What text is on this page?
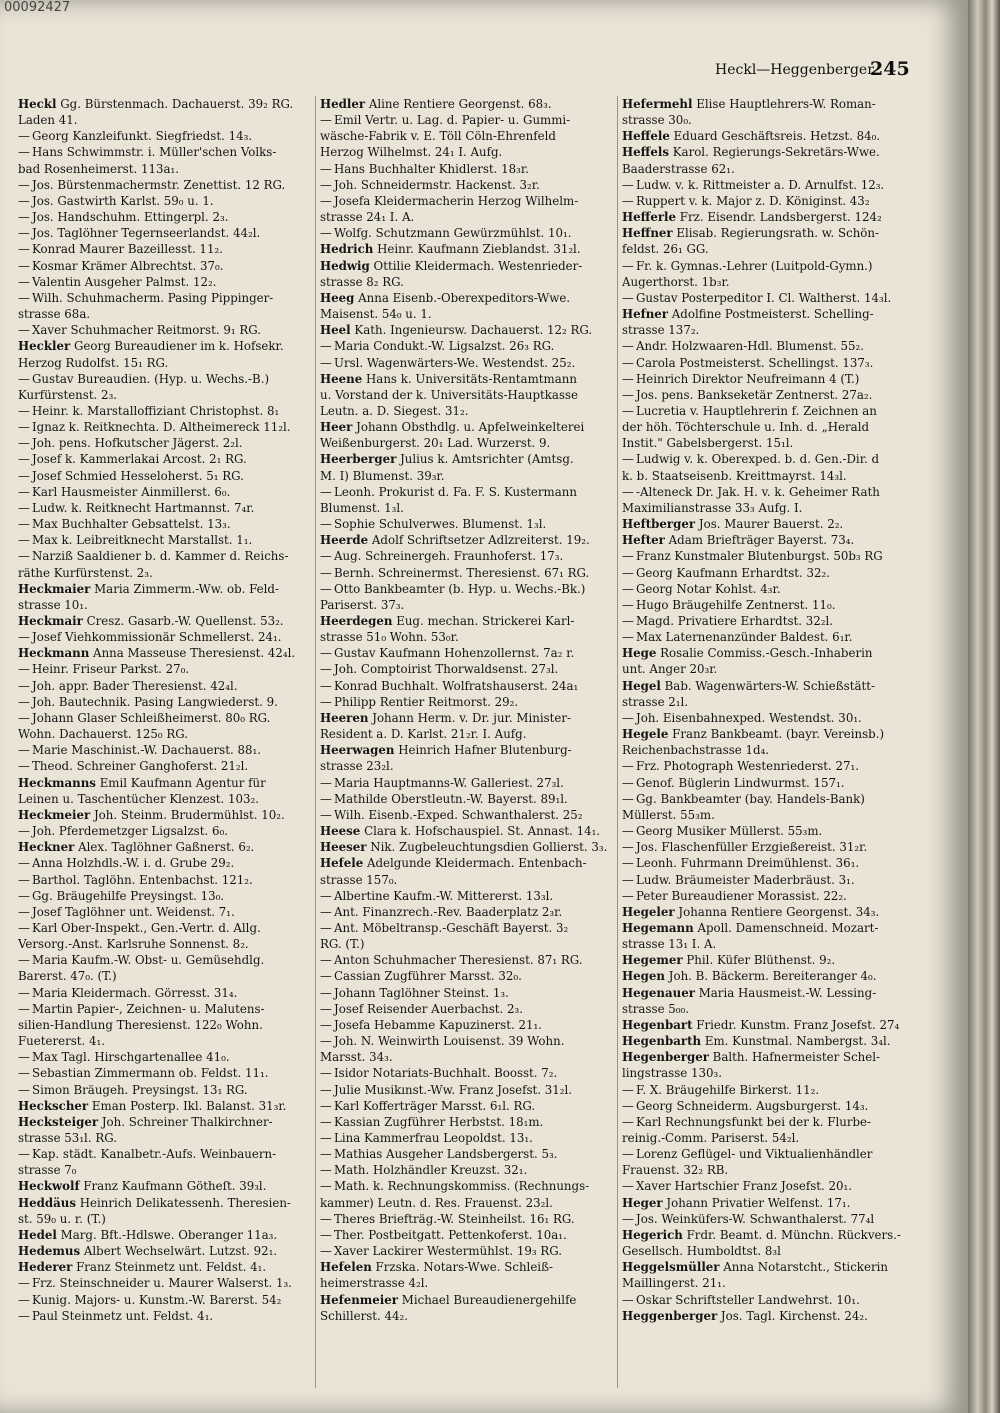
00092427
Heckl—Heggenberger.
245
Heckl Gg. Bürstenmach. Dachauerst. 39₂ RG.
Laden 41.
— Georg Kanzleifunkt. Siegfriedst. 14₃.
— Hans Schwimmstr. i. Müller'schen Volks-
bad Rosenheimerst. 113a₁.
— Jos. Bürstenmachermstr. Zenettist. 12 RG.
— Jos. Gastwirth Karlst. 59₀ u. 1.
— Jos. Handschuhm. Ettingerpl. 2₃.
— Jos. Taglöhner Tegernseerlandst. 44₂l.
— Konrad Maurer Bazeillesst. 11₂.
— Kosmar Krämer Albrechtst. 37₀.
— Valentin Ausgeher Palmst. 12₂.
— Wilh. Schuhmacherm. Pasing Pippinger-
strasse 68a.
— Xaver Schuhmacher Reitmorst. 9₁ RG.
Heckler Georg Bureaudiener im k. Hofsekr.
Herzog Rudolfst. 15₁ RG.
— Gustav Bureaudien. (Hyp. u. Wechs.-B.)
Kurfürstenst. 2₃.
— Heinr. k. Marstalloffiziant Christophst. 8₁
— Ignaz k. Reitknechta. D. Altheimereck 11₂l.
— Joh. pens. Hofkutscher Jägerst. 2₂l.
— Josef k. Kammerlakai Arcost. 2₁ RG.
— Josef Schmied Hesseloherst. 5₁ RG.
— Karl Hausmeister Ainmillerst. 6₀.
— Ludw. k. Reitknecht Hartmannst. 7₄r.
— Max Buchhalter Gebsattelst. 13₃.
— Max k. Leibreitknecht Marstallst. 1₁.
— Narziß Saaldiener b. d. Kammer d. Reichs-
räthe Kurfürstenst. 2₃.
Heckmaier Maria Zimmerm.-Ww. ob. Feld-
strasse 10₁.
Heckmair Cresz. Gasarb.-W. Quellenst. 53₂.
— Josef Viehkommissionär Schmellerst. 24₁.
Heckmann Anna Masseuse Theresienst. 42₄l.
— Heinr. Friseur Parkst. 27₀.
— Joh. appr. Bader Theresienst. 42₄l.
— Joh. Bautechnik. Pasing Langwiederst. 9.
— Johann Glaser Schleißheimerst. 80₀ RG.
Wohn. Dachauerst. 125₀ RG.
— Marie Maschinist.-W. Dachauerst. 88₁.
— Theod. Schreiner Ganghoferst. 21₂l.
Heckmanns Emil Kaufmann Agentur für
Leinen u. Taschentücher Klenzest. 103₂.
Heckmeier Joh. Steinm. Brudermühlst. 10₂.
— Joh. Pferdemetzger Ligsalzst. 6₀.
Heckner Alex. Taglöhner Gaßnerst. 6₂.
— Anna Holzhdls.-W. i. d. Grube 29₂.
— Barthol. Taglöhn. Entenbachst. 121₂.
— Gg. Bräugehilfe Preysingst. 13₀.
— Josef Taglöhner unt. Weidenst. 7₁.
— Karl Ober-Inspekt., Gen.-Vertr. d. Allg.
Versorg.-Anst. Karlsruhe Sonnenst. 8₂.
— Maria Kaufm.-W. Obst- u. Gemüsehdlg.
Barerst. 47₀. (T.)
— Maria Kleidermach. Görresst. 31₄.
— Martin Papier-, Zeichnen- u. Malutens-
silien-Handlung Theresienst. 122₀ Wohn.
Fuetererst. 4₁.
— Max Tagl. Hirschgartenallee 41₀.
— Sebastian Zimmermann ob. Feldst. 11₁.
— Simon Bräugeh. Preysingst. 13₁ RG.
Heckscher Eman Posterp. Ikl. Balanst. 31₃r.
Hecksteiger Joh. Schreiner Thalkirchner-
strasse 53₁l. RG.
— Kap. städt. Kanalbetr.-Aufs. Weinbauern-
strasse 7₀
Heckwolf Franz Kaufmann Götheſt. 39₃l.
Heddäus Heinrich Delikatessenh. Theresien-
st. 59₀ u. r. (T.)
Hedel Marg. Bft.-Hdlswe. Oberanger 11a₃.
Hedemus Albert Wechselwärt. Lutzst. 92₁.
Hederer Franz Steinmetz unt. Feldst. 4₁.
— Frz. Steinschneider u. Maurer Walserst. 1₃.
— Kunig. Majors- u. Kunstm.-W. Barerst. 54₂
— Paul Steinmetz unt. Feldst. 4₁.
Hedler Aline Rentiere Georgenst. 68₃.
— Emil Vertr. u. Lag. d. Papier- u. Gummi-
wäsche-Fabrik v. E. Töll Cöln-Ehrenfeld
Herzog Wilhelmst. 24₁ I. Aufg.
— Hans Buchhalter Khidlerst. 18₃r.
— Joh. Schneidermstr. Hackenst. 3₂r.
— Josefa Kleidermacherin Herzog Wilhelm-
strasse 24₁ I. A.
— Wolfg. Schutzmann Gewürzmühlst. 10₁.
Hedrich Heinr. Kaufmann Zieblandst. 31₂l.
Hedwig Ottilie Kleidermach. Westenrieder-
strasse 8₂ RG.
Heeg Anna Eisenb.-Oberexpeditors-Wwe.
Maisenst. 54₀ u. 1.
Heel Kath. Ingenieursw. Dachauerst. 12₂ RG.
— Maria Condukt.-W. Ligsalzst. 26₃ RG.
— Ursl. Wagenwärters-We. Westendst. 25₂.
Heene Hans k. Universitäts-Rentamtmann
u. Vorstand der k. Universitäts-Hauptkasse
Leutn. a. D. Siegest. 31₂.
Heer Johann Obsthdlg. u. Apfelweinkelterei
Weißenburgerst. 20₁ Lad. Wurzerst. 9.
Heerberger Julius k. Amtsrichter (Amtsg.
M. I) Blumenst. 39₃r.
— Leonh. Prokurist d. Fa. F. S. Kustermann
Blumenst. 1₃l.
— Sophie Schulverwes. Blumenst. 1₃l.
Heerde Adolf Schriftsetzer Adlzreiterst. 19₂.
— Aug. Schreinergeh. Fraunhoferst. 17₃.
— Bernh. Schreinermst. Theresienst. 67₁ RG.
— Otto Bankbeamter (b. Hyp. u. Wechs.-Bk.)
Pariserst. 37₃.
Heerdegen Eug. mechan. Strickerei Karl-
strasse 51₀ Wohn. 53₀r.
— Gustav Kaufmann Hohenzollernst. 7a₂ r.
— Joh. Comptoirist Thorwaldsenst. 27₃l.
— Konrad Buchhalt. Wolfratshauserst. 24a₁
— Philipp Rentier Reitmorst. 29₂.
Heeren Johann Herm. v. Dr. jur. Minister-
Resident a. D. Karlst. 21₂r. I. Aufg.
Heerwagen Heinrich Hafner Blutenburg-
strasse 23₂l.
— Maria Hauptmanns-W. Galleriest. 27₃l.
— Mathilde Oberstleutn.-W. Bayerst. 89₁l.
— Wilh. Eisenb.-Exped. Schwanthalerst. 25₂
Heese Clara k. Hofschauspiel. St. Annast. 14₁.
Heeser Nik. Zugbeleuchtungsdien Gollierst. 3₃.
Hefele Adelgunde Kleidermach. Entenbach-
strasse 157₀.
— Albertine Kaufm.-W. Mittererst. 13₃l.
— Ant. Finanzrech.-Rev. Baaderplatz 2₃r.
— Ant. Möbeltransp.-Geschäft Bayerst. 3₂
RG. (T.)
— Anton Schuhmacher Theresienst. 87₁ RG.
— Cassian Zugführer Marsst. 32₀.
— Johann Taglöhner Steinst. 1₃.
— Josef Reisender Auerbachst. 2₃.
— Josefa Hebamme Kapuzinerst. 21₁.
— Joh. N. Weinwirth Louisenst. 39 Wohn.
Marsst. 34₃.
— Isidor Notariats-Buchhalt. Boosst. 7₂.
— Julie Musikınst.-Ww. Franz Josefst. 31₂l.
— Karl Kofferträger Marsst. 6₁l. RG.
— Kassian Zugführer Herbstst. 18₁m.
— Lina Kammerfrau Leopoldst. 13₁.
— Mathias Ausgeher Landsbergerst. 5₃.
— Math. Holzhändler Kreuzst. 32₁.
— Math. k. Rechnungskommiss. (Rechnungs-
kammer) Leutn. d. Res. Frauenst. 23₂l.
— Theres Briefträg.-W. Steinheilst. 16₁ RG.
— Ther. Postbeitgatt. Pettenkoferst. 10a₁.
— Xaver Lackirer Westermühlst. 19₃ RG.
Hefelen Frzska. Notars-Wwe. Schleiß-
heimerstrasse 4₂l.
Hefenmeier Michael Bureaudienergehilfe
Schillerst. 44₂.
Hefermehl Elise Hauptlehrers-W. Roman-
strasse 30₀.
Heffele Eduard Geschäftsreis. Hetzst. 84₀.
Heffels Karol. Regierungs-Sekretärs-Wwe.
Baaderstrasse 62₁.
— Ludw. v. k. Rittmeister a. D. Arnulfst. 12₃.
— Ruppert v. k. Major z. D. Königinst. 43₂
Hefferle Frz. Eisendr. Landsbergerst. 124₂
Heffner Elisab. Regierungsrath. w. Schön-
feldst. 26₁ GG.
— Fr. k. Gymnas.-Lehrer (Luitpold-Gymn.)
Augerthorst. 1b₃r.
— Gustav Posterpeditor I. Cl. Waltherst. 14₃l.
Hefner Adolfine Postmeisterst. Schelling-
strasse 137₂.
— Andr. Holzwaaren-Hdl. Blumenst. 55₂.
— Carola Postmeisterst. Schellingst. 137₃.
— Heinrich Direktor Neufreimann 4 (T.)
— Jos. pens. Bankseketär Zentnerst. 27a₂.
— Lucretia v. Hauptlehrerin f. Zeichnen an
der höh. Töchterschule u. Inh. d. „Herald
Instit." Gabelsbergerst. 15₁l.
— Ludwig v. k. Oberexped. b. d. Gen.-Dir. d
k. b. Staatseisenb. Kreittmayrst. 14₃l.
— -Alteneck Dr. Jak. H. v. k. Geheimer Rath
Maximilianstrasse 33₃ Aufg. I.
Heftberger Jos. Maurer Bauerst. 2₂.
Hefter Adam Briefträger Bayerst. 73₄.
— Franz Kunstmaler Blutenburgst. 50b₃ RG
— Georg Kaufmann Erhardtst. 32₂.
— Georg Notar Kohlst. 4₃r.
— Hugo Bräugehilfe Zentnerst. 11₀.
— Magd. Privatiere Erhardtst. 32₂l.
— Max Laternenanzünder Baldest. 6₁r.
Hege Rosalie Commiss.-Gesch.-Inhaberin
unt. Anger 20₃r.
Hegel Bab. Wagenwärters-W. Schießstätt-
strasse 2₁l.
— Joh. Eisenbahnexped. Westendst. 30₁.
Hegele Franz Bankbeamt. (bayr. Vereinsb.)
Reichenbachstrasse 1d₄.
— Frz. Photograph Westenriederst. 27₁.
— Genof. Büglerin Lindwurmst. 157₁.
— Gg. Bankbeamter (bay. Handels-Bank)
Müllerst. 55₃m.
— Georg Musiker Müllerst. 55₃m.
— Jos. Flaschenfüller Erzgießereist. 31₂r.
— Leonh. Fuhrmann Dreimühlenst. 36₁.
— Ludw. Bräumeister Maderbräust. 3₁.
— Peter Bureaudiener Morassist. 22₂.
Hegeler Johanna Rentiere Georgenst. 34₃.
Hegemann Apoll. Damenschneid. Mozart-
strasse 13₁ I. A.
Hegemer Phil. Küfer Blüthenst. 9₂.
Hegen Joh. B. Bäckerm. Bereiteranger 4₀.
Hegenauer Maria Hausmeist.-W. Lessing-
strasse 5₀₀.
Hegenbart Friedr. Kunstm. Franz Josefst. 27₄
Hegenbarth Em. Kunstmal. Nambergst. 3₄l.
Hegenberger Balth. Hafnermeister Schel-
lingstrasse 130₃.
— F. X. Bräugehilfe Birkerst. 11₂.
— Georg Schneiderm. Augsburgerst. 14₃.
— Karl Rechnungsfunkt bei der k. Flurbe-
reinig.-Comm. Pariserst. 54₂l.
— Lorenz Geflügel- und Viktualienhändler
Frauenst. 32₂ RB.
— Xaver Hartschier Franz Josefst. 20₁.
Heger Johann Privatier Welfenst. 17₁.
— Jos. Weinküfers-W. Schwanthalerst. 77₄l
Hegerich Frdr. Beamt. d. Münchn. Rückvers.-
Gesellsch. Humboldtst. 8₃l
Heggelsmüller Anna Notarstcht., Stickerin
Maillingerst. 21₁.
— Oskar Schriftsteller Landwehrst. 10₁.
Heggenberger Jos. Tagl. Kirchenst. 24₂.
